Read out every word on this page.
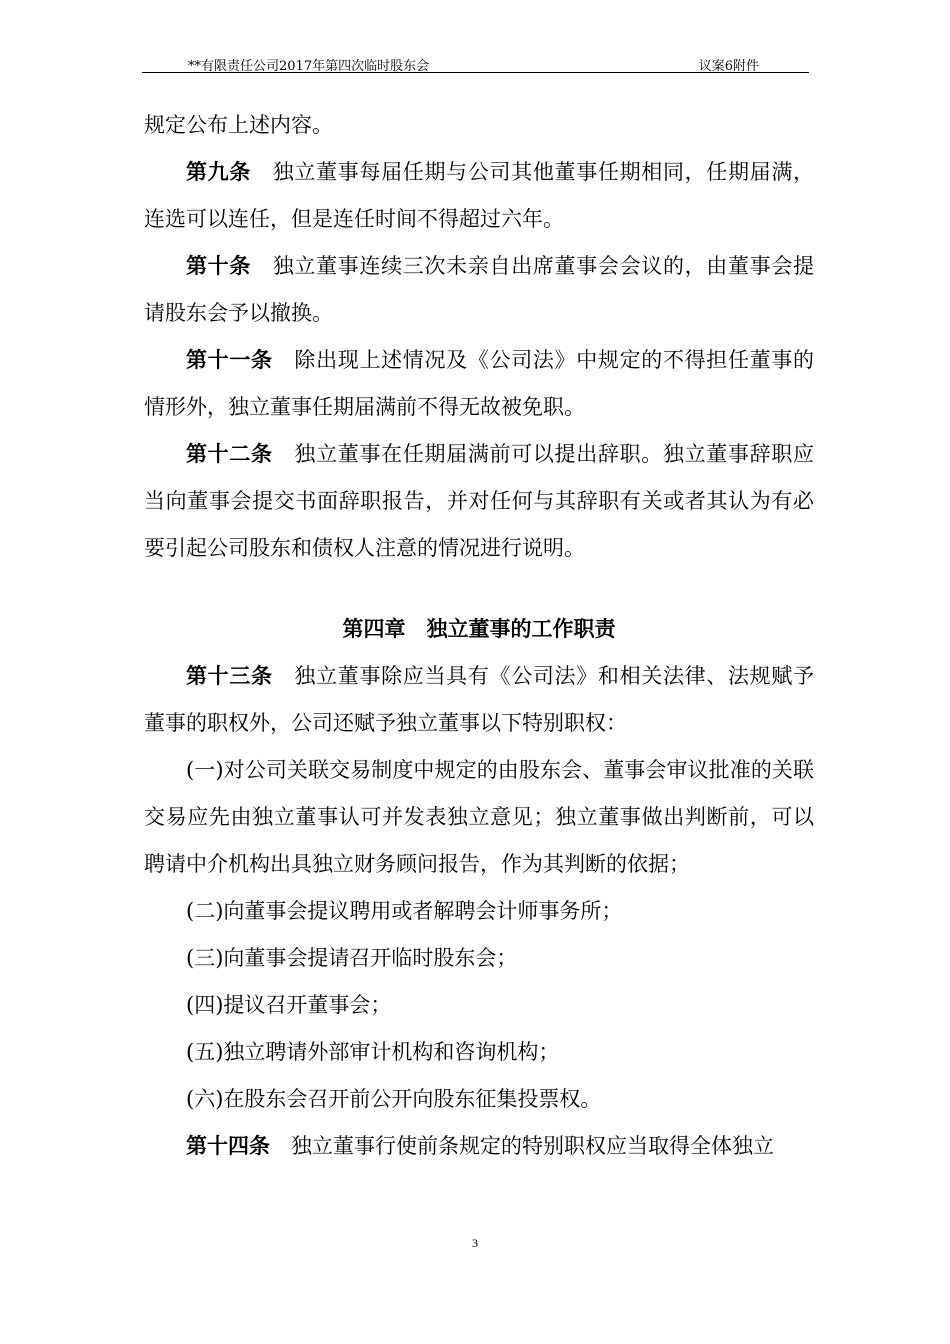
**有限责任公司2017年第四次临时股东会	议案6附件

规定公布上述内容。

第九条　 独立董事每届任期与公司其他董事任期相同，任期届满，连选可以连任，但是连任时间不得超过六年。

第十条　 独立董事连续三次未亲自出席董事会会议的，由董事会提请股东会予以撤换。

第十一条　 除出现上述情况及《公司法》中规定的不得担任董事的情形外，独立董事任期届满前不得无故被免职。

第十二条　 独立董事在任期届满前可以提出辞职。独立董事辞职应当向董事会提交书面辞职报告，并对任何与其辞职有关或者其认为有必要引起公司股东和债权人注意的情况进行说明。

第四章　独立董事的工作职责

第十三条　 独立董事除应当具有《公司法》和相关法律、法规赋予董事的职权外，公司还赋予独立董事以下特别职权：

(一)对公司关联交易制度中规定的由股东会、董事会审议批准的关联交易应先由独立董事认可并发表独立意见；独立董事做出判断前，可以聘请中介机构出具独立财务顾问报告，作为其判断的依据；

(二)向董事会提议聘用或者解聘会计师事务所；

(三)向董事会提请召开临时股东会；

(四)提议召开董事会；

(五)独立聘请外部审计机构和咨询机构；

(六)在股东会召开前公开向股东征集投票权。

第十四条　 独立董事行使前条规定的特别职权应当取得全体独立

3
